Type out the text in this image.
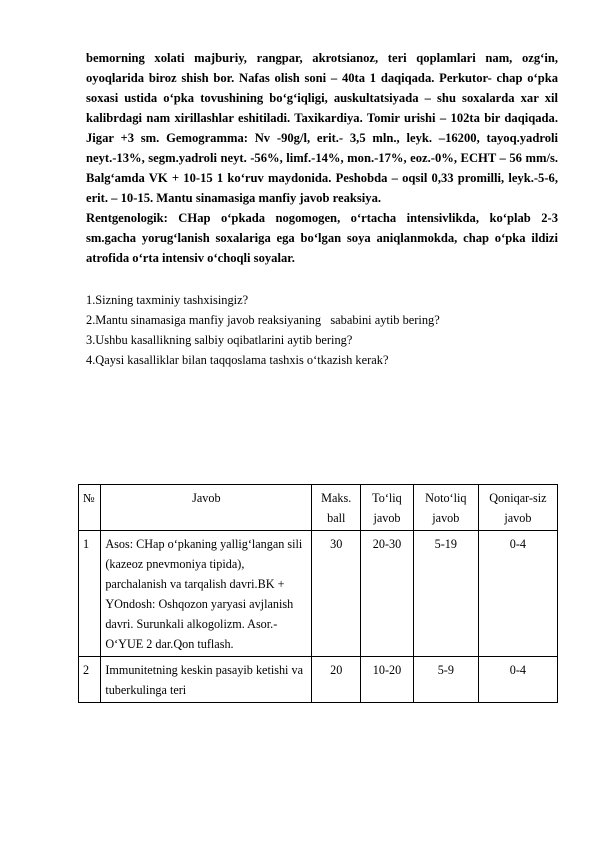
bemorning xolati majburiy, rangpar, akrotsianoz, teri qoplamlari nam, ozg‘in, oyoqlarida biroz shish bor. Nafas olish soni – 40ta 1 daqiqada. Perkutor- chap o‘pka soxasi ustida o‘pka tovushining bo‘g‘iqligi, auskultatsiyada – shu soxalarda xar xil kalibrdagi nam xirillashlar eshitiladi. Taxikardiya. Tomir urishi – 102ta bir daqiqada. Jigar +3 sm. Gemogramma: Nv -90g/l, erit.- 3,5 mln., leyk. –16200, tayoq.yadroli neyt.-13%, segm.yadroli neyt. -56%, limf.-14%, mon.-17%, eoz.-0%, ECHT – 56 mm/s. Balg‘amda VK + 10-15 1 ko‘ruv maydonida. Peshobda – oqsil 0,33 promilli, leyk.-5-6, erit. – 10-15. Mantu sinamasiga manfiy javob reaksiya.

Rentgenologik: CHap o‘pkada nogomogen, o‘rtacha intensivlikda, ko‘plab 2-3 sm.gacha yorug‘lanish soxalariga ega bo‘lgan soya aniqlanmokda, chap o‘pka ildizi atrofida o‘rta intensiv o‘choqli soyalar.

1.Sizning taxminiy tashxisingiz?
2.Mantu sinamasiga manfiy javob reaksiyaning   sababini aytib bering?
3.Ushbu kasallikning salbiy oqibatlarini aytib bering?
4.Qaysi kasalliklar bilan taqqoslama tashxis o‘tkazish kerak?
№	Javob	Maks. ball	To‘liq javob	Noto‘liq javob	Qoniqar-siz javob
1	Asos: CHap o‘pkaning yallig‘langan sili (kazeoz pnevmoniya tipida), parchalanish va tarqalish davri.BK + YOndosh: Oshqozon yaryasi avjlanish davri. Surunkali alkogolizm. Asor.- O‘YUE 2 dar.Qon tuflash.	30	20-30	5-19	0-4
2	Immunitetning keskin pasayib ketishi va tuberkulinga teri	20	10-20	5-9	0-4
